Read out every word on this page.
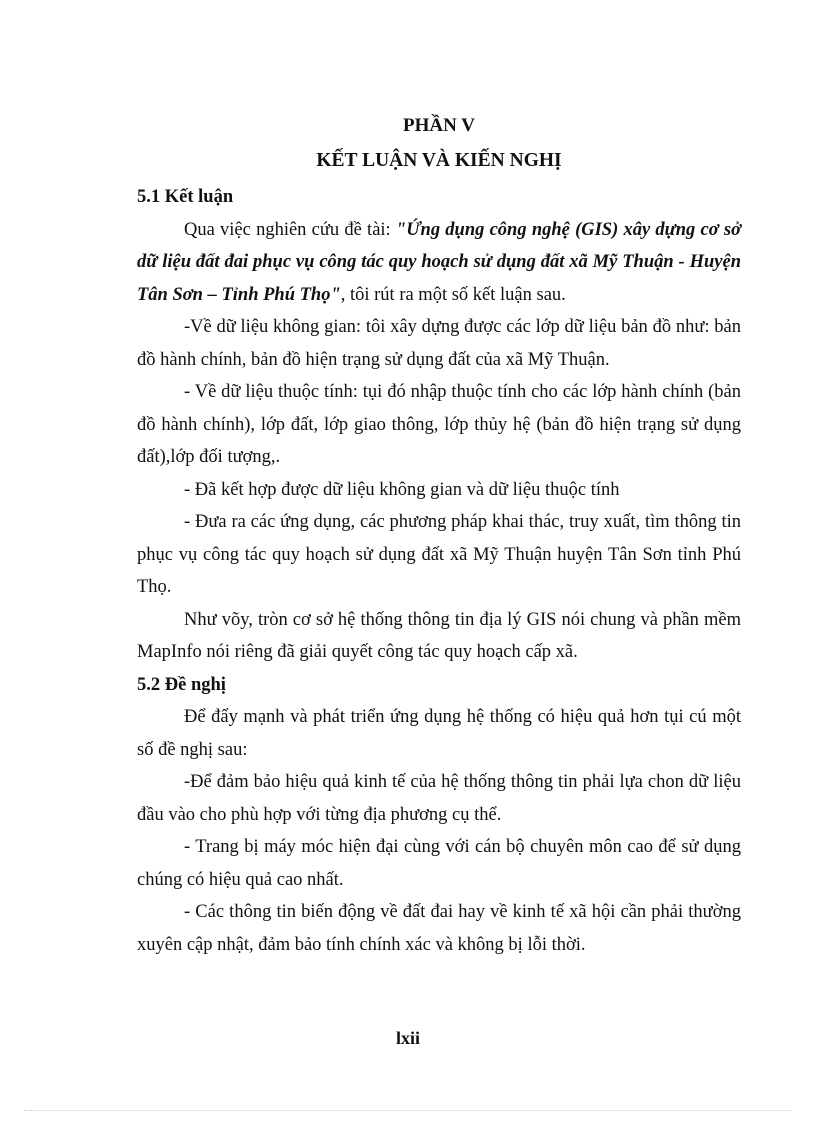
PHẦN V
KẾT LUẬN VÀ KIẾN NGHỊ
5.1 Kết luận

Qua việc nghiên cứu đề tài: "Ứng dụng công nghệ (GIS) xây dựng cơ sở dữ liệu đất đai phục vụ công tác quy hoạch sử dụng đất xã Mỹ Thuận - Huyện Tân Sơn – Tỉnh Phú Thọ", tôi rút ra một số kết luận sau.

-Về dữ liệu không gian: tôi xây dựng được các lớp dữ liệu bản đồ như: bản đồ hành chính, bản đồ hiện trạng sử dụng đất của xã Mỹ Thuận.

- Về dữ liệu thuộc tính: tụi đó nhập thuộc tính cho các lớp hành chính (bản đồ hành chính), lớp đất, lớp giao thông, lớp thủy hệ (bản đồ hiện trạng sử dụng đất),lớp đối tượng,.

- Đã kết hợp được dữ liệu không gian và dữ liệu thuộc tính

- Đưa ra các ứng dụng, các phương pháp khai thác, truy xuất, tìm thông tin phục vụ công tác quy hoạch sử dụng đất xã Mỹ Thuận huyện Tân Sơn tỉnh Phú Thọ.

Như võy, tròn cơ sở hệ thống thông tin địa lý GIS nói chung và phần mềm MapInfo nói riêng đã giải quyết công tác quy hoạch cấp xã.

5.2 Đề nghị

Để đẩy mạnh và phát triển ứng dụng hệ thống có hiệu quả hơn tụi cú một số đề nghị sau:

-Để đảm bảo hiệu quả kinh tế của hệ thống thông tin phải lựa chon dữ liệu đầu vào cho phù hợp với từng địa phương cụ thể.

- Trang bị máy móc hiện đại cùng với cán bộ chuyên môn cao để sử dụng chúng có hiệu quả cao nhất.

- Các thông tin biến động về đất đai hay về kinh tế xã hội cần phải thường xuyên cập nhật, đảm bảo tính chính xác và không bị lỗi thời.

lxii
